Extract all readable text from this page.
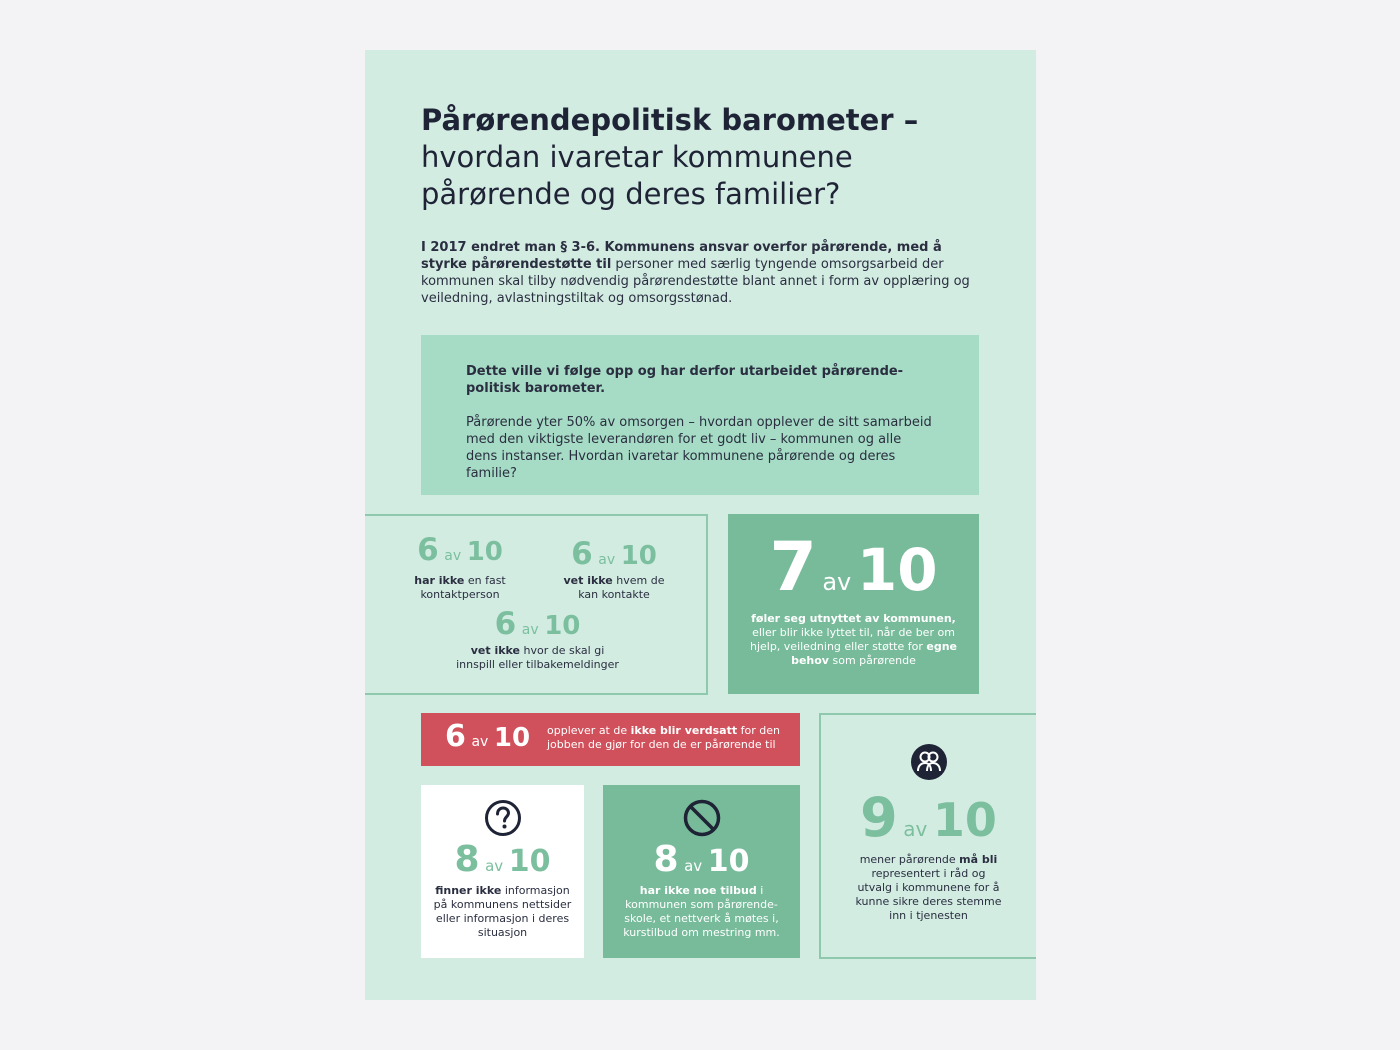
Pårørendepolitisk barometer –
hvordan ivaretar kommunene
pårørende og deres familier?
I 2017 endret man § 3-6. Kommunens ansvar overfor pårørende, med å styrke pårørendestøtte til personer med særlig tyngende omsorgsarbeid der kommunen skal tilby nødvendig pårørendestøtte blant annet i form av opplæring og veiledning, avlastningstiltak og omsorgsstønad.

Dette ville vi følge opp og har derfor utarbeidet pårørende-politisk barometer.

Pårørende yter 50% av omsorgen – hvordan opplever de sitt samarbeid med den viktigste leverandøren for et godt liv – kommunen og alle dens instanser. Hvordan ivaretar kommunene pårørende og deres familie?

6 av 10
har ikke en fast kontaktperson
6 av 10
vet ikke hvem de kan kontakte
6 av 10
vet ikke hvor de skal gi innspill eller tilbakemeldinger
7 av 10
føler seg utnyttet av kommunen, eller blir ikke lyttet til, når de ber om hjelp, veiledning eller støtte for egne behov som pårørende
6 av 10 opplever at de ikke blir verdsatt for den jobben de gjør for den de er pårørende til
8 av 10
finner ikke informasjon på kommunens nettsider eller informasjon i deres situasjon
8 av 10
har ikke noe tilbud i kommunen som pårørende-skole, et nettverk å møtes i, kurstilbud om mestring mm.
9 av 10
mener pårørende må bli representert i råd og utvalg i kommunene for å kunne sikre deres stemme inn i tjenesten
